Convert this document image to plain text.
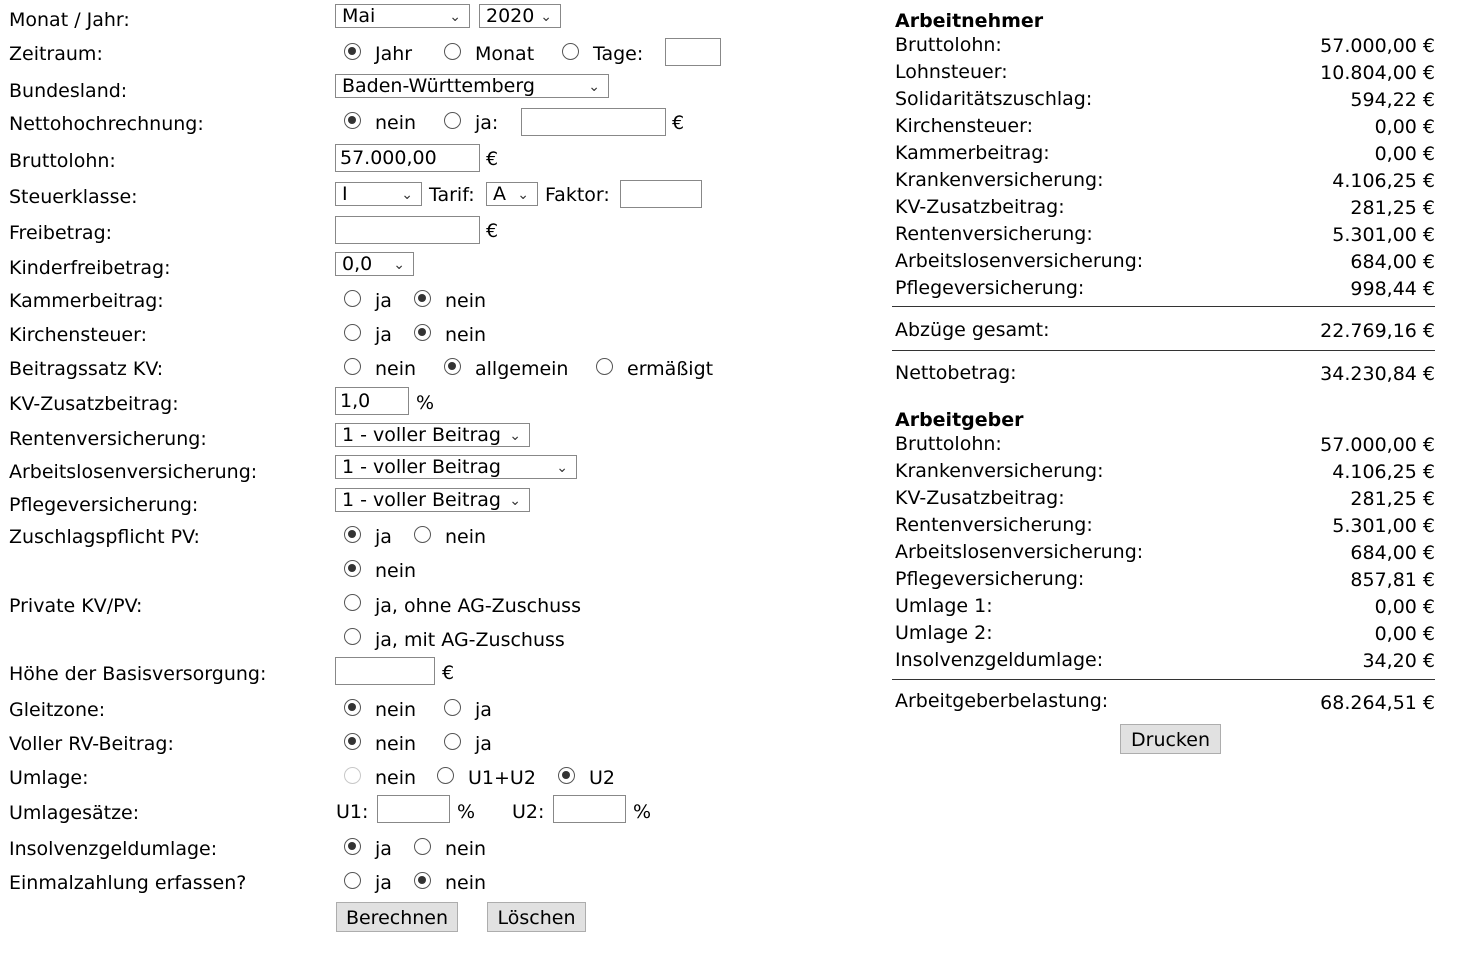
Monat / Jahr:	Mai	⌄	2020 ⌄
Zeitraum:	Jahr	Monat	Tage:
Bundesland:	Baden-Württemberg	⌄
Nettohochrechnung:	nein	ja:	€
Bruttolohn:	57.000,00	€
Steuerklasse:	I	⌄ Tarif: A ⌄ Faktor:
Freibetrag:	€
Kinderfreibetrag:	0,0 ⌄
Kammerbeitrag:	ja	nein
Kirchensteuer:	ja	nein
Beitragssatz KV:	nein	allgemein	ermäßigt
KV-Zusatzbeitrag:	1,0	%
Rentenversicherung:	1 - voller Beitrag ⌄
Arbeitslosenversicherung:	1 - voller Beitrag	⌄
Pflegeversicherung:	1 - voller Beitrag ⌄
Zuschlagspflicht PV:	ja	nein
nein
Private KV/PV:	ja, ohne AG-Zuschuss
ja, mit AG-Zuschuss
Höhe der Basisversorgung:	€
Gleitzone:	nein	ja
Voller RV-Beitrag:	nein	ja
Umlage:	nein	U1+U2	U2
Umlagesätze:	U1:	% U2:	%
Insolvenzgeldumlage:	ja	nein
Einmalzahlung erfassen?	ja	nein
Berechnen	Löschen
Arbeitnehmer
Bruttolohn:	57.000,00 €
Lohnsteuer:	10.804,00 €
Solidaritätszuschlag:	594,22 €
Kirchensteuer:	0,00 €
Kammerbeitrag:	0,00 €
Krankenversicherung:	4.106,25 €
KV-Zusatzbeitrag:	281,25 €
Rentenversicherung:	5.301,00 €
Arbeitslosenversicherung:	684,00 €
Pflegeversicherung:	998,44 €
Abzüge gesamt:	22.769,16 €
Nettobetrag:	34.230,84 €
Arbeitgeber
Bruttolohn:	57.000,00 €
Krankenversicherung:	4.106,25 €
KV-Zusatzbeitrag:	281,25 €
Rentenversicherung:	5.301,00 €
Arbeitslosenversicherung:	684,00 €
Pflegeversicherung:	857,81 €
Umlage 1:	0,00 €
Umlage 2:	0,00 €
Insolvenzgeldumlage:	34,20 €
Arbeitgeberbelastung:	68.264,51 €
Drucken
